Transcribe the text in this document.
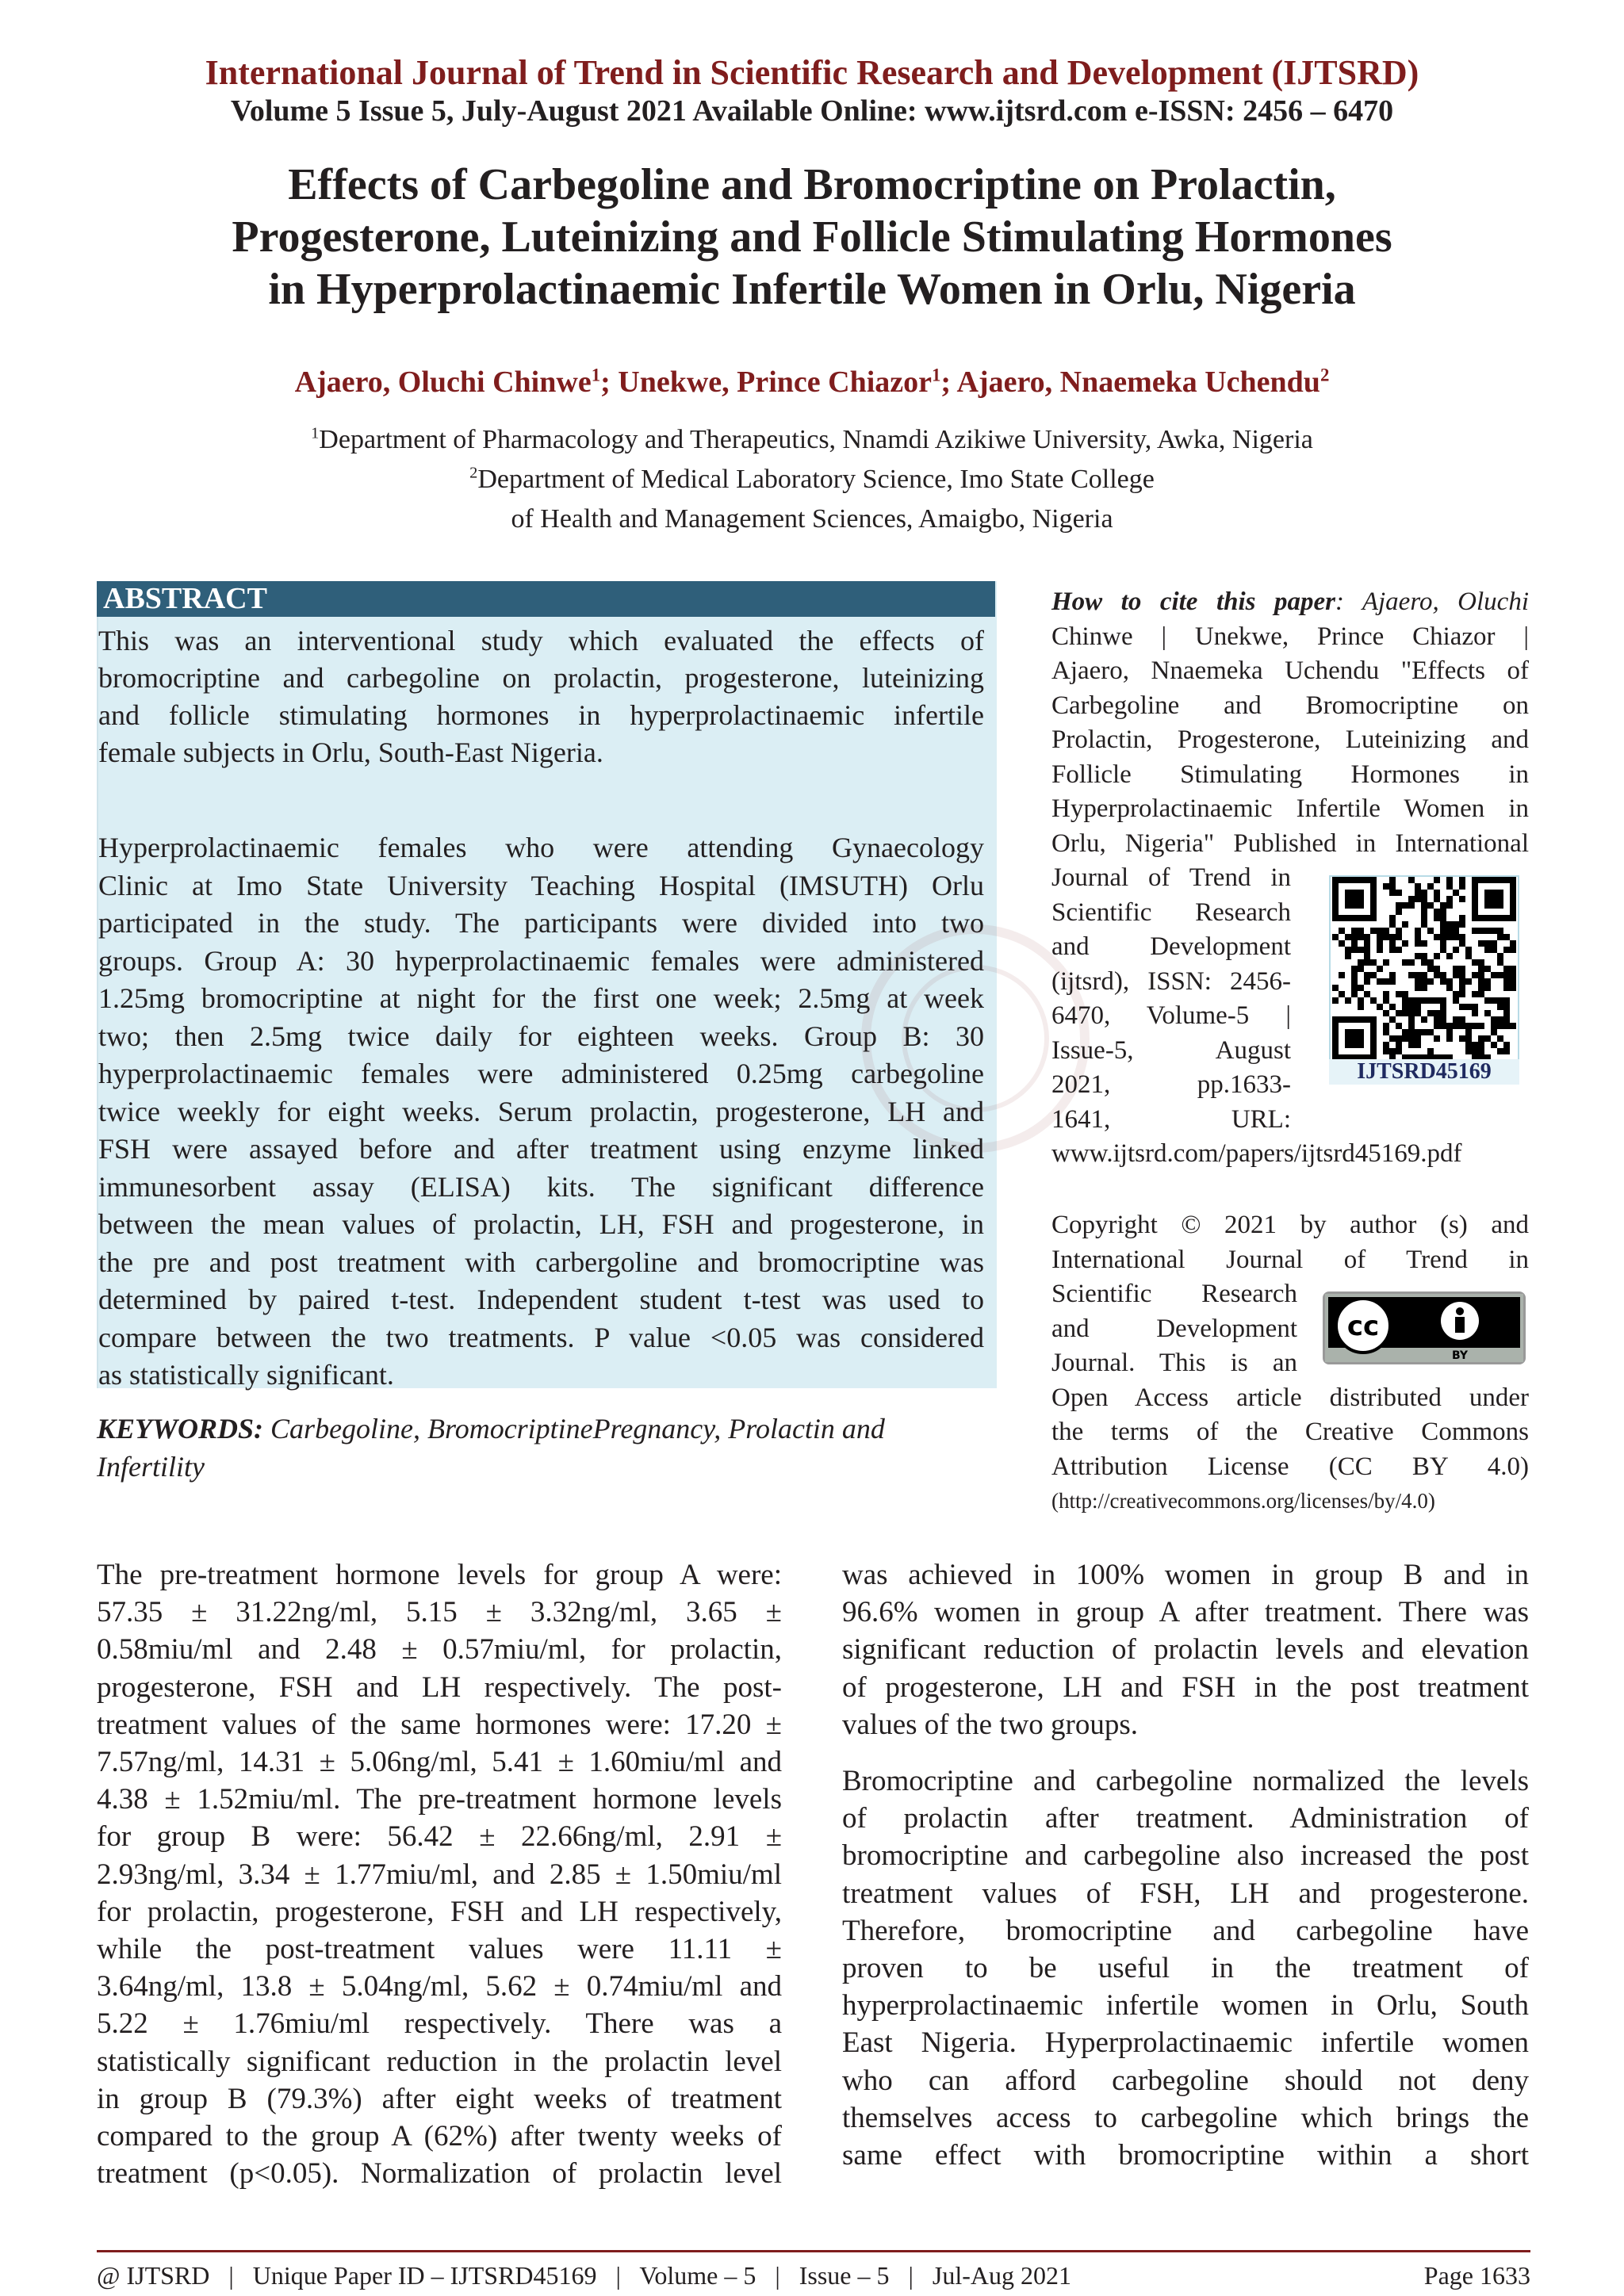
International Journal of Trend in Scientific Research and Development (IJTSRD)
Volume 5 Issue 5, July-August 2021 Available Online: www.ijtsrd.com e-ISSN: 2456 – 6470
Effects of Carbegoline and Bromocriptine on Prolactin,
Progesterone, Luteinizing and Follicle Stimulating Hormones
in Hyperprolactinaemic Infertile Women in Orlu, Nigeria
Ajaero, Oluchi Chinwe$^1$; Unekwe, Prince Chiazor$^1$; Ajaero, Nnaemeka Uchendu$^2$
$^1$Department of Pharmacology and Therapeutics, Nnamdi Azikiwe University, Awka, Nigeria
$^2$Department of Medical Laboratory Science, Imo State College
of Health and Management Sciences, Amaigbo, Nigeria
ABSTRACT
This was an interventional study which evaluated the effects of
bromocriptine and carbegoline on prolactin, progesterone, luteinizing
and follicle stimulating hormones in hyperprolactinaemic infertile
female subjects in Orlu, South-East Nigeria.
Hyperprolactinaemic females who were attending Gynaecology
Clinic at Imo State University Teaching Hospital (IMSUTH) Orlu
participated in the study. The participants were divided into two
groups. Group A: 30 hyperprolactinaemic females were administered
1.25mg bromocriptine at night for the first one week; 2.5mg at week
two; then 2.5mg twice daily for eighteen weeks. Group B: 30
hyperprolactinaemic females were administered 0.25mg carbegoline
twice weekly for eight weeks. Serum prolactin, progesterone, LH and
FSH were assayed before and after treatment using enzyme linked
immunesorbent assay (ELISA) kits. The significant difference
between the mean values of prolactin, LH, FSH and progesterone, in
the pre and post treatment with carbergoline and bromocriptine was
determined by paired t-test. Independent student t-test was used to
compare between the two treatments. P value <0.05 was considered
as statistically significant.
KEYWORDS: Carbegoline, BromocriptinePregnancy, Prolactin and
Infertility
How to cite this paper: Ajaero, Oluchi
Chinwe | Unekwe, Prince Chiazor |
Ajaero, Nnaemeka Uchendu "Effects of
Carbegoline and Bromocriptine on
Prolactin, Progesterone, Luteinizing and
Follicle Stimulating Hormones in
Hyperprolactinaemic Infertile Women in
Orlu, Nigeria" Published in International
Journal of Trend in
Scientific Research
and Development
(ijtsrd), ISSN: 2456-
6470, Volume-5 |
Issue-5, August
2021, pp.1633-
1641, URL:
www.ijtsrd.com/papers/ijtsrd45169.pdf
IJTSRD45169
Copyright © 2021 by author (s) and
International Journal of Trend in
Scientific Research
and Development
Journal. This is an
Open Access article distributed under
the terms of the Creative Commons
Attribution License (CC BY 4.0)
(http://creativecommons.org/licenses/by/4.0)
cc
BY
The pre-treatment hormone levels for group A were:
57.35 ± 31.22ng/ml, 5.15 ± 3.32ng/ml, 3.65 ±
0.58miu/ml and 2.48 ± 0.57miu/ml, for prolactin,
progesterone, FSH and LH respectively. The post-
treatment values of the same hormones were: 17.20 ±
7.57ng/ml, 14.31 ± 5.06ng/ml, 5.41 ± 1.60miu/ml and
4.38 ± 1.52miu/ml. The pre-treatment hormone levels
for group B were: 56.42 ± 22.66ng/ml, 2.91 ±
2.93ng/ml, 3.34 ± 1.77miu/ml, and 2.85 ± 1.50miu/ml
for prolactin, progesterone, FSH and LH respectively,
while the post-treatment values were 11.11 ±
3.64ng/ml, 13.8 ± 5.04ng/ml, 5.62 ± 0.74miu/ml and
5.22 ± 1.76miu/ml respectively. There was a
statistically significant reduction in the prolactin level
in group B (79.3%) after eight weeks of treatment
compared to the group A (62%) after twenty weeks of
treatment (p<0.05). Normalization of prolactin level
was achieved in 100% women in group B and in
96.6% women in group A after treatment. There was
significant reduction of prolactin levels and elevation
of progesterone, LH and FSH in the post treatment
values of the two groups.
Bromocriptine and carbegoline normalized the levels
of prolactin after treatment. Administration of
bromocriptine and carbegoline also increased the post
treatment values of FSH, LH and progesterone.
Therefore, bromocriptine and carbegoline have
proven to be useful in the treatment of
hyperprolactinaemic infertile women in Orlu, South
East Nigeria. Hyperprolactinaemic infertile women
who can afford carbegoline should not deny
themselves access to carbegoline which brings the
same effect with bromocriptine within a short
@ IJTSRD   |   Unique Paper ID – IJTSRD45169   |   Volume – 5   |   Issue – 5   |   Jul-Aug 2021	Page 1633
